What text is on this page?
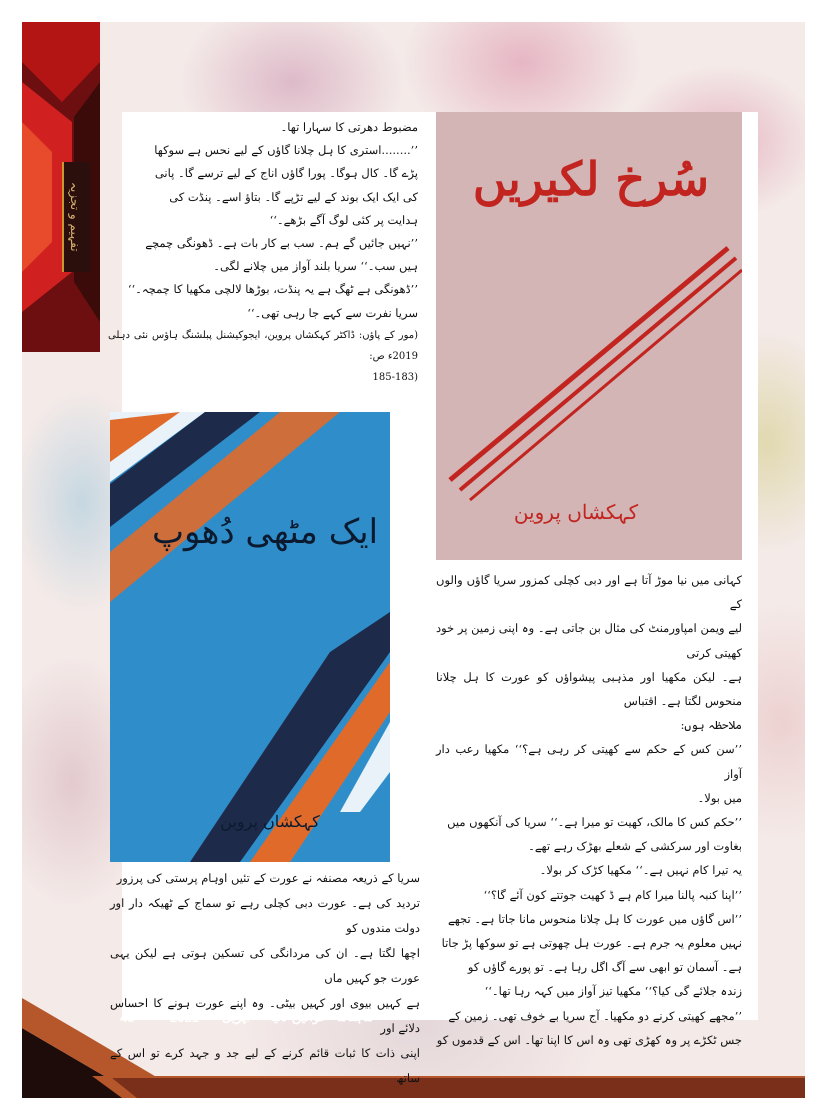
تفہیم و تجزیہ

مضبوط دھرتی کا سہارا تھا۔

’’........استری کا ہل چلانا گاؤں کے لیے نحس ہے سوکھا

پڑے گا۔ کال ہوگا۔ پورا گاؤں اناج کے لیے ترسے گا۔ پانی

کی ایک ایک بوند کے لیے تڑپے گا۔ بتاؤ اسے۔ پنڈت کی

ہدایت پر کئی لوگ آگے بڑھے۔‘‘

’’نہیں جائیں گے ہم۔ سب بے کار بات ہے۔ ڈھونگی چمچے

ہیں سب۔‘‘ سریا بلند آواز میں چلانے لگی۔

’’ڈھونگی ہے ٹھگ ہے یہ پنڈت، بوڑھا لالچی مکھیا کا چمچہ۔‘‘

سریا نفرت سے کہے جا رہی تھی۔‘‘

(مور کے پاؤں: ڈاکٹر کہکشاں پروین، ایجوکیشنل پبلشنگ ہاؤس نئی دہلی 2019ء ص:

(185-183

سُرخ لکیریں
کہکشاں پروین
ایک مٹھی دُھوپ
کہکشاں پروین

کہانی میں نیا موڑ آتا ہے اور دبی کچلی کمزور سریا گاؤں والوں کے

لیے ویمن امپاورمنٹ کی مثال بن جاتی ہے۔ وہ اپنی زمین پر خود کھیتی کرتی

ہے۔ لیکن مکھیا اور مذہبی پیشواؤں کو عورت کا ہل چلانا منحوس لگتا ہے۔ اقتباس

ملاحظہ ہوں:

’’سن کس کے حکم سے کھیتی کر رہی ہے؟‘‘ مکھیا رعب دار آواز

میں بولا۔

’’حکم کس کا مالک، کھیت تو میرا ہے۔‘‘ سریا کی آنکھوں میں

بغاوت اور سرکشی کے شعلے بھڑک رہے تھے۔

یہ تیرا کام نہیں ہے۔‘‘ مکھیا کڑک کر بولا۔

’’اپنا کنبہ پالنا میرا کام ہے ڈ کھیت جوتتے کون آئے گا؟‘‘

’’اس گاؤں میں عورت کا ہل چلانا منحوس مانا جاتا ہے۔ تجھے

نہیں معلوم یہ جرم ہے۔ عورت ہل چھوتی ہے تو سوکھا پڑ جاتا

ہے۔ آسمان تو ابھی سے آگ اگل رہا ہے۔ تو پورے گاؤں کو

زندہ جلائے گی کیا؟‘‘ مکھیا تیز آواز میں کہہ رہا تھا۔‘‘

’’مجھے کھیتی کرنے دو مکھیا۔ آج سریا بے خوف تھی۔ زمین کے

جس ٹکڑے پر وہ کھڑی تھی وہ اس کا اپنا تھا۔ اس کے قدموں کو

سریا کے ذریعہ مصنفہ نے عورت کے تئیں اوہام پرستی کی پرزور

تردید کی ہے۔ عورت دبی کچلی رہے تو سماج کے ٹھیکہ دار اور دولت مندوں کو

اچھا لگتا ہے۔ ان کی مردانگی کی تسکین ہوتی ہے لیکن یہی عورت جو کہیں ماں

ہے کہیں بیوی اور کہیں بیٹی۔ وہ اپنے عورت ہونے کا احساس دلائے اور

اپنی ذات کا ثبات قائم کرنے کے لیے جد و جہد کرے تو اس کے ساتھ

43	2021 اپریل ماہنامہ خواتین دنیا
